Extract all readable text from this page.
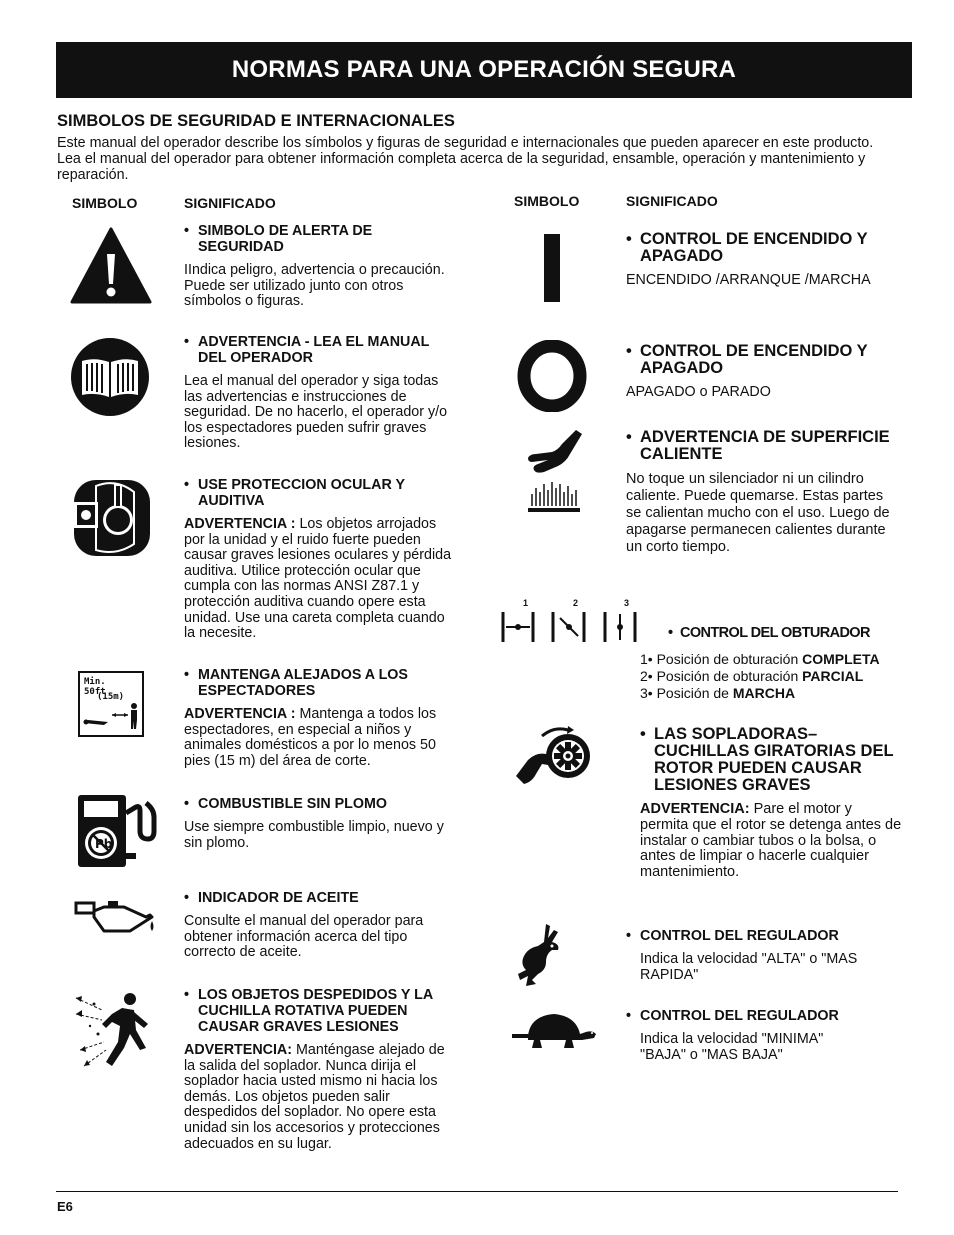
NORMAS PARA UNA OPERACIÓN SEGURA
SIMBOLOS DE SEGURIDAD E INTERNACIONALES
Este manual del operador describe los símbolos y figuras de seguridad e internacionales que pueden aparecer en este producto. Lea el manual del operador para obtener información completa acerca de la seguridad, ensamble, operación y mantenimiento y reparación.
SIMBOLO	SIGNIFICADO	SIMBOLO	SIGNIFICADO
• SIMBOLO DE ALERTA DE SEGURIDAD
IIndica peligro, advertencia o precaución. Puede ser utilizado junto con otros símbolos o figuras.
• ADVERTENCIA - LEA EL MANUAL DEL OPERADOR
Lea el manual del operador y siga todas las advertencias e instrucciones de seguridad. De no hacerlo, el operador y/o los espectadores pueden sufrir graves lesiones.
• USE PROTECCION OCULAR Y AUDITIVA
ADVERTENCIA : Los objetos arrojados por la unidad y el ruido fuerte pueden causar graves lesiones oculares y pérdida auditiva. Utilice protección ocular que cumpla con las normas ANSI Z87.1 y protección auditiva cuando opere esta unidad. Use una careta completa cuando la necesite.
Min. 50ft
(15m)
• MANTENGA ALEJADOS A LOS ESPECTADORES
ADVERTENCIA : Mantenga a todos los espectadores, en especial a niños y animales domésticos a por lo menos 50 pies (15 m) del área de corte.
Pb
• COMBUSTIBLE SIN PLOMO
Use siempre combustible limpio, nuevo y sin plomo.
• INDICADOR DE ACEITE
Consulte el manual del operador para obtener información acerca del tipo correcto de aceite.
• LOS OBJETOS DESPEDIDOS Y LA CUCHILLA ROTATIVA PUEDEN CAUSAR GRAVES LESIONES
ADVERTENCIA: Manténgase alejado de la salida del soplador. Nunca dirija el soplador hacia usted mismo ni hacia los demás. Los objetos pueden salir despedidos del soplador. No opere esta unidad sin los accesorios y protecciones adecuados en su lugar.
• CONTROL DE ENCENDIDO Y APAGADO
ENCENDIDO /ARRANQUE /MARCHA
• CONTROL DE ENCENDIDO Y APAGADO
APAGADO o PARADO
• ADVERTENCIA DE SUPERFICIE CALIENTE
No toque un silenciador ni un cilindro caliente. Puede quemarse. Estas partes se calientan mucho con el uso. Luego de apagarse permanecen calientes durante un corto tiempo.
1	2	3
• CONTROL DEL OBTURADOR
1• Posición de obturación COMPLETA
2• Posición de obturación PARCIAL
3• Posición de MARCHA
• LAS SOPLADORAS– CUCHILLAS GIRATORIAS DEL ROTOR PUEDEN CAUSAR LESIONES GRAVES
ADVERTENCIA: Pare el motor y permita que el rotor se detenga antes de instalar o cambiar tubos o la bolsa, o antes de limpiar o hacerle cualquier mantenimiento.
• CONTROL DEL REGULADOR
Indica la velocidad "ALTA" o "MAS RAPIDA"
• CONTROL DEL REGULADOR
Indica la velocidad "MINIMA" "BAJA" o "MAS BAJA"
E6
